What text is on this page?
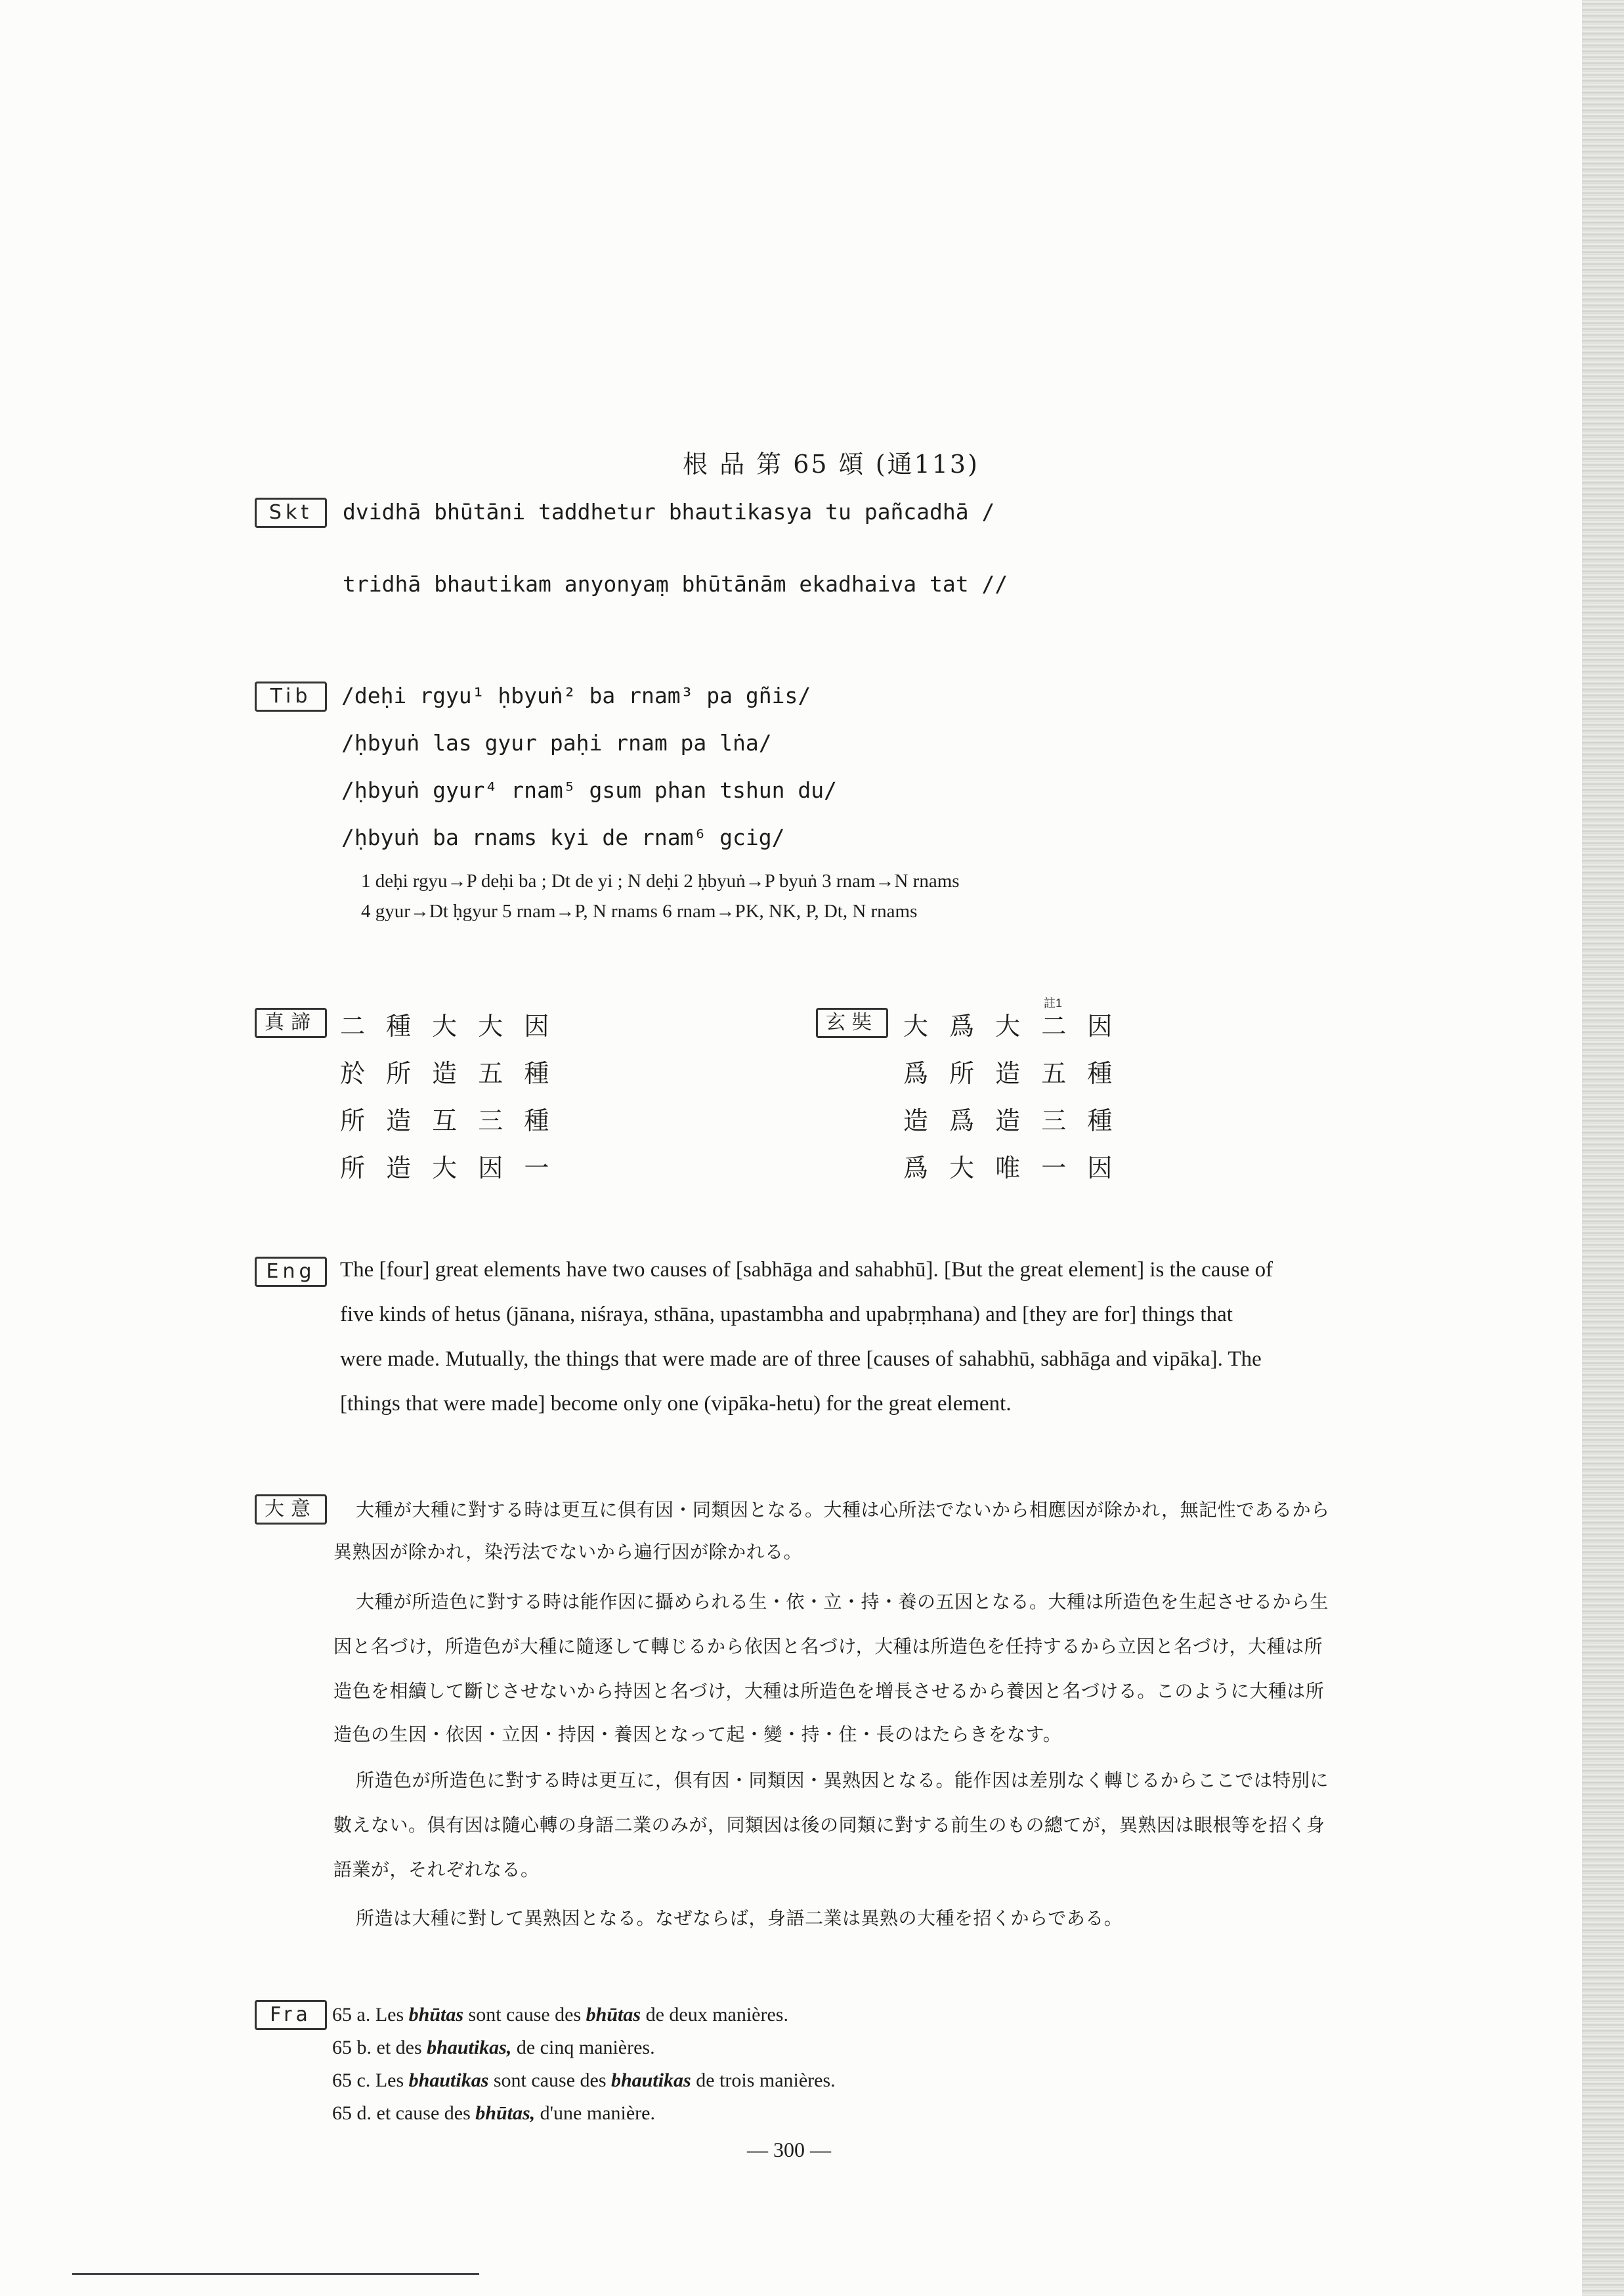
根 品 第 65 頌 (通113)
Skt	dvidhā bhūtāni taddhetur bhautikasya tu pañcadhā /
tridhā bhautikam anyonyaṃ bhūtānām ekadhaiva tat //
Tib	/deḥi rgyu¹ ḥbyuṅ² ba rnam³ pa gñis/
/ḥbyuṅ las gyur paḥi rnam pa lṅa/
/ḥbyuṅ gyur⁴ rnam⁵ gsum phan tshun du/
/ḥbyuṅ ba rnams kyi de rnam⁶ gcig/
1 deḥi rgyu→P deḥi ba ; Dt de yi ; N deḥi 2 ḥbyuṅ→P byuṅ 3 rnam→N rnams
4 gyur→Dt ḥgyur 5 rnam→P, N rnams 6 rnam→PK, NK, P, Dt, N rnams
真諦 二 種 大 大 因
於 所 造 五 種
所 造 互 三 種
所 造 大 因 一
玄奘
註1
大 爲 大 二 因
爲 所 造 五 種
造 爲 造 三 種
爲 大 唯 一 因
Eng	The [four] great elements have two causes of [sabhāga and sahabhū]. [But the great element] is the cause of
five kinds of hetus (jānana, niśraya, sthāna, upastambha and upabṛṃhana) and [they are for] things that
were made. Mutually, the things that were made are of three [causes of sahabhū, sabhāga and vipāka]. The
[things that were made] become only one (vipāka-hetu) for the great element.
大意	大種が大種に對する時は更互に倶有因・同類因となる。大種は心所法でないから相應因が除かれ，無記性であるから
異熟因が除かれ，染汚法でないから遍行因が除かれる。
大種が所造色に對する時は能作因に攝められる生・依・立・持・養の五因となる。大種は所造色を生起させるから生
因と名づけ，所造色が大種に隨逐して轉じるから依因と名づけ，大種は所造色を任持するから立因と名づけ，大種は所
造色を相續して斷じさせないから持因と名づけ，大種は所造色を增長させるから養因と名づける。このように大種は所
造色の生因・依因・立因・持因・養因となって起・變・持・住・長のはたらきをなす。
所造色が所造色に對する時は更互に，倶有因・同類因・異熟因となる。能作因は差別なく轉じるからここでは特別に
數えない。倶有因は隨心轉の身語二業のみが，同類因は後の同類に對する前生のもの總てが，異熟因は眼根等を招く身
語業が，それぞれなる。
所造は大種に對して異熟因となる。なぜならば，身語二業は異熟の大種を招くからである。
Fra	65 a. Les bhūtas sont cause des bhūtas de deux manières.
65 b. et des bhautikas, de cinq manières.
65 c. Les bhautikas sont cause des bhautikas de trois manières.
65 d. et cause des bhūtas, d'une manière.
— 300 —
